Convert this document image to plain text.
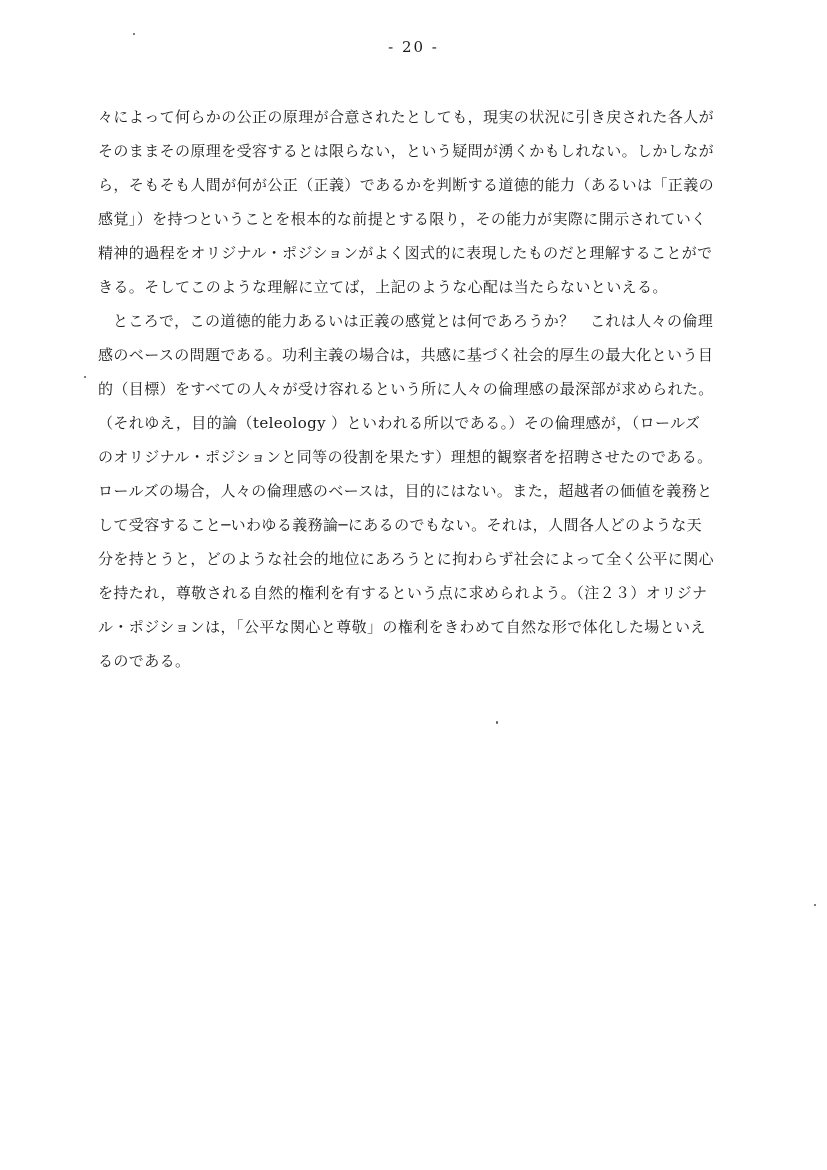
- 20 -
々によって何らかの公正の原理が合意されたとしても，現実の状況に引き戻された各人が
そのままその原理を受容するとは限らない，という疑問が湧くかもしれない。しかしなが
ら，そもそも人間が何が公正（正義）であるかを判断する道徳的能力（あるいは「正義の
感覚」）を持つということを根本的な前提とする限り，その能力が実際に開示されていく
精神的過程をオリジナル・ポジションがよく図式的に表現したものだと理解することがで
きる。そしてこのような理解に立てば，上記のような心配は当たらないといえる。
ところで，この道徳的能力あるいは正義の感覚とは何であろうか？　これは人々の倫理
感のベースの問題である。功利主義の場合は，共感に基づく社会的厚生の最大化という目
的（目標）をすべての人々が受け容れるという所に人々の倫理感の最深部が求められた。
（それゆえ，目的論（teleology ）といわれる所以である。）その倫理感が，（ロールズ
のオリジナル・ポジションと同等の役割を果たす）理想的観察者を招聘させたのである。
ロールズの場合，人々の倫理感のベースは，目的にはない。また，超越者の価値を義務と
して受容すること─いわゆる義務論─にあるのでもない。それは，人間各人どのような天
分を持とうと，どのような社会的地位にあろうとに拘わらず社会によって全く公平に関心
を持たれ，尊敬される自然的権利を有するという点に求められよう。（注２３）オリジナ
ル・ポジションは，「公平な関心と尊敬」の権利をきわめて自然な形で体化した場といえ
るのである。
